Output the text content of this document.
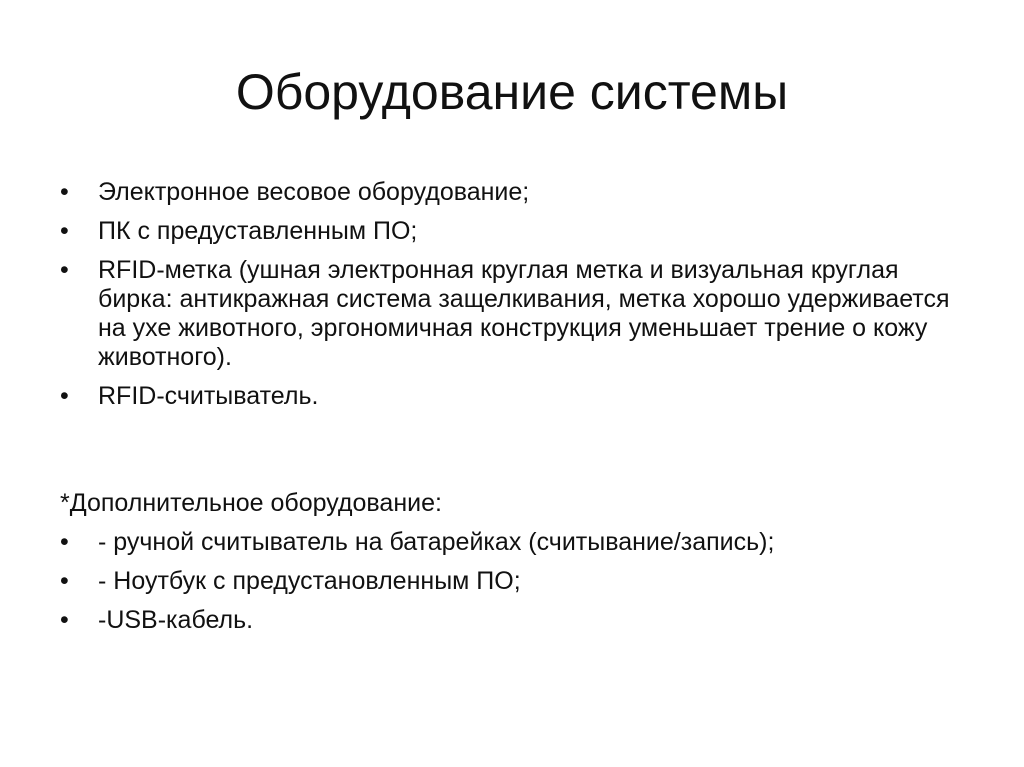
Оборудование системы
•	Электронное весовое оборудование;
•	ПК с предуставленным ПО;
•	RFID-метка (ушная электронная круглая метка и визуальная круглая бирка: антикражная система защелкивания, метка хорошо удерживается на ухе животного, эргономичная конструкция уменьшает трение о кожу животного).
•	RFID-считыватель.

*Дополнительное оборудование:

•	- ручной считыватель на батарейках (считывание/запись);
•	- Ноутбук с предустановленным ПО;
•	-USB-кабель.
